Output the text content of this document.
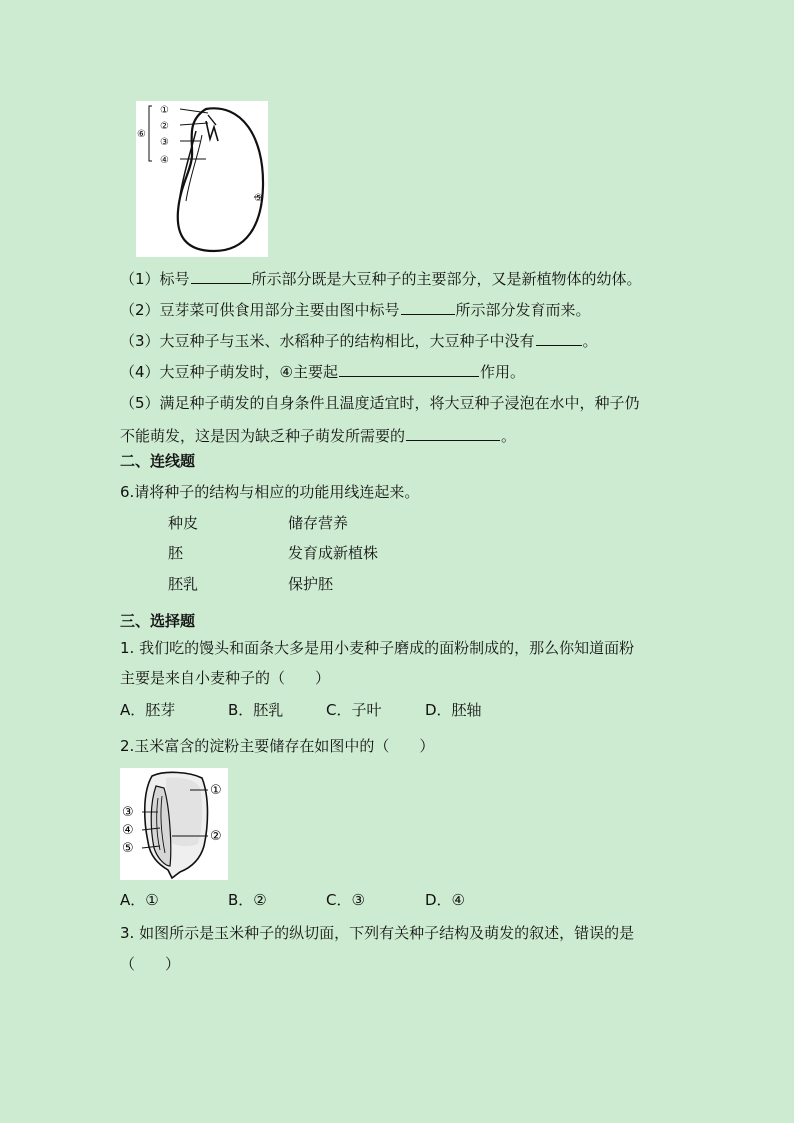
①
②
③
④
⑤
⑥
（1）标号	所示部分既是大豆种子的主要部分，又是新植物体的幼体。
（2）豆芽菜可供食用部分主要由图中标号	所示部分发育而来。
（3）大豆种子与玉米、水稻种子的结构相比，大豆种子中没有	。
（4）大豆种子萌发时，④主要起	作用。
（5）满足种子萌发的自身条件且温度适宜时，将大豆种子浸泡在水中，种子仍
不能萌发，这是因为缺乏种子萌发所需要的	。
二、连线题
6.请将种子的结构与相应的功能用线连起来。
种皮	储存营养
胚	发育成新植株
胚乳	保护胚
三、选择题
1. 我们吃的馒头和面条大多是用小麦种子磨成的面粉制成的，那么你知道面粉
主要是来自小麦种子的（　　）
A．胚芽	B．胚乳	C．子叶	D．胚轴
2.玉米富含的淀粉主要储存在如图中的（　　）
①
②
③
④
⑤
A．①	B．②	C．③	D．④
3. 如图所示是玉米种子的纵切面，下列有关种子结构及萌发的叙述，错误的是
（　　）
